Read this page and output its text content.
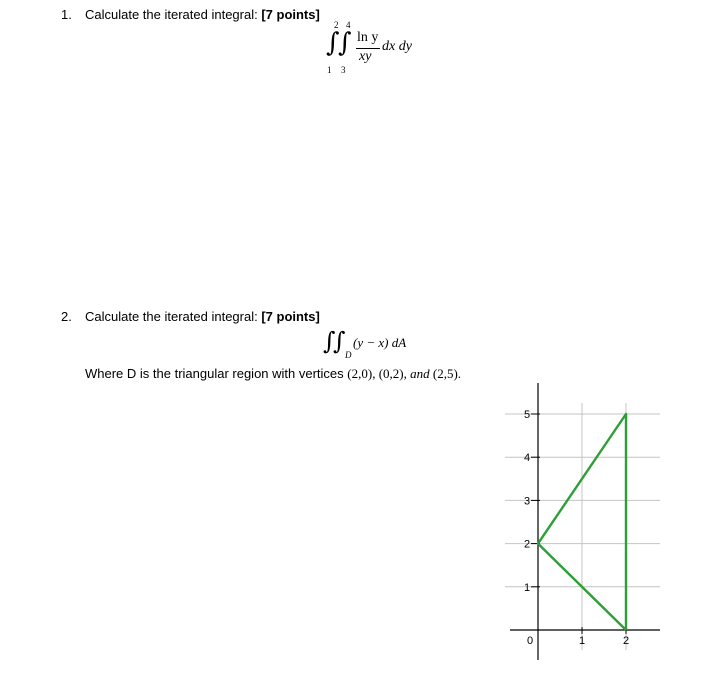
1. Calculate the iterated integral: [7 points]
2 4
∫
∫
1 3
ln y
xy
dx dy
2. Calculate the iterated integral: [7 points]
∫
∫ D
(y − x) dA
Where D is the triangular region with vertices (2,0), (0,2), and (2,5).
1
2
3
4
5
0	1	2
